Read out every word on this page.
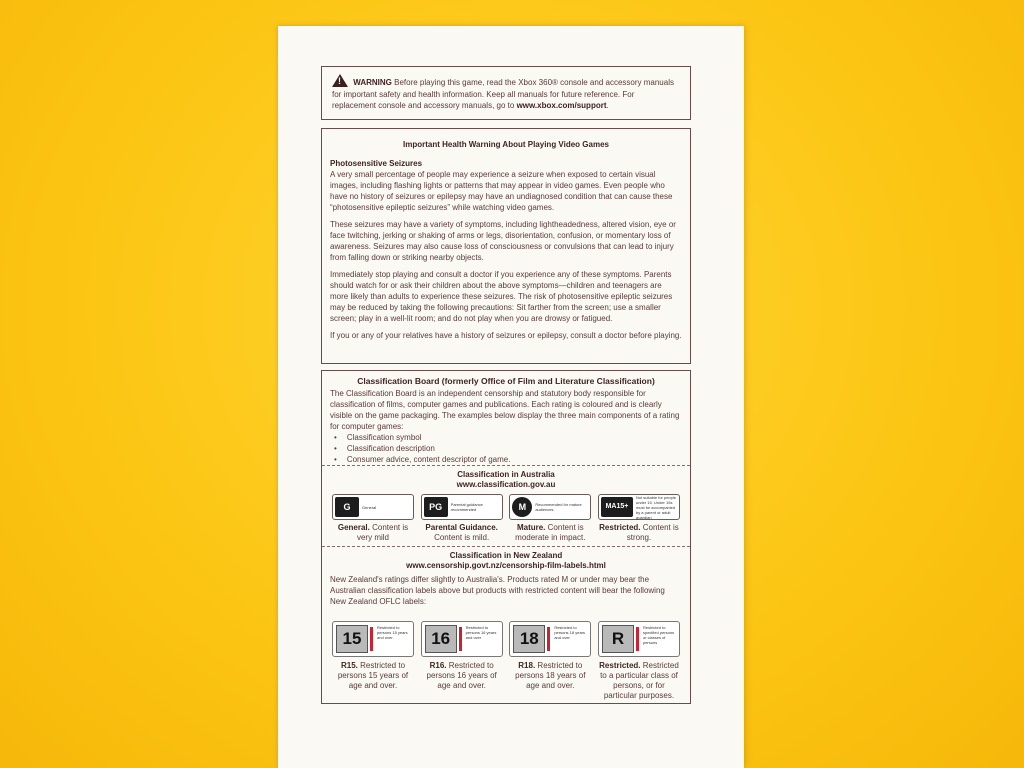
! WARNING Before playing this game, read the Xbox 360® console and accessory manuals for important safety and health information. Keep all manuals for future reference. For replacement console and accessory manuals, go to www.xbox.com/support.
Important Health Warning About Playing Video Games
Photosensitive Seizures

A very small percentage of people may experience a seizure when exposed to certain visual images, including flashing lights or patterns that may appear in video games. Even people who have no history of seizures or epilepsy may have an undiagnosed condition that can cause these “photosensitive epileptic seizures” while watching video games.

These seizures may have a variety of symptoms, including lightheadedness, altered vision, eye or face twitching, jerking or shaking of arms or legs, disorientation, confusion, or momentary loss of awareness. Seizures may also cause loss of consciousness or convulsions that can lead to injury from falling down or striking nearby objects.

Immediately stop playing and consult a doctor if you experience any of these symptoms. Parents should watch for or ask their children about the above symptoms—children and teenagers are more likely than adults to experience these seizures. The risk of photosensitive epileptic seizures may be reduced by taking the following precautions: Sit farther from the screen; use a smaller screen; play in a well-lit room; and do not play when you are drowsy or fatigued.

If you or any of your relatives have a history of seizures or epilepsy, consult a doctor before playing.

Classification Board (formerly Office of Film and Literature Classification)
The Classification Board is an independent censorship and statutory body responsible for classification of films, computer games and publications. Each rating is coloured and is clearly visible on the game packaging. The examples below display the three main components of a rating for computer games:
• Classification symbol
• Classification description
• Consumer advice, content descriptor of game.
Classification in Australia
www.classification.gov.au
G	General
General. Content is very mild
PG	Parental guidance recommended
Parental Guidance. Content is mild.
M	Recommended for mature audiences
Mature. Content is moderate in impact.
MA15+
Not suitable for people under 15. Under 15s must be accompanied by a parent or adult guardian
Restricted. Content is strong.
Classification in New Zealand
www.censorship.govt.nz/censorship-film-labels.html
New Zealand's ratings differ slightly to Australia's. Products rated M or under may bear the Australian classification labels above but products with restricted content will bear the following New Zealand OFLC labels:
15
Restricted to persons 15 years and over
R15. Restricted to persons 15 years of age and over.
16
Restricted to persons 16 years and over
R16. Restricted to persons 16 years of age and over.
18
Restricted to persons 18 years and over
R18. Restricted to persons 18 years of age and over.
R
Restricted to specified persons or classes of persons
Restricted. Restricted to a particular class of persons, or for particular purposes.
